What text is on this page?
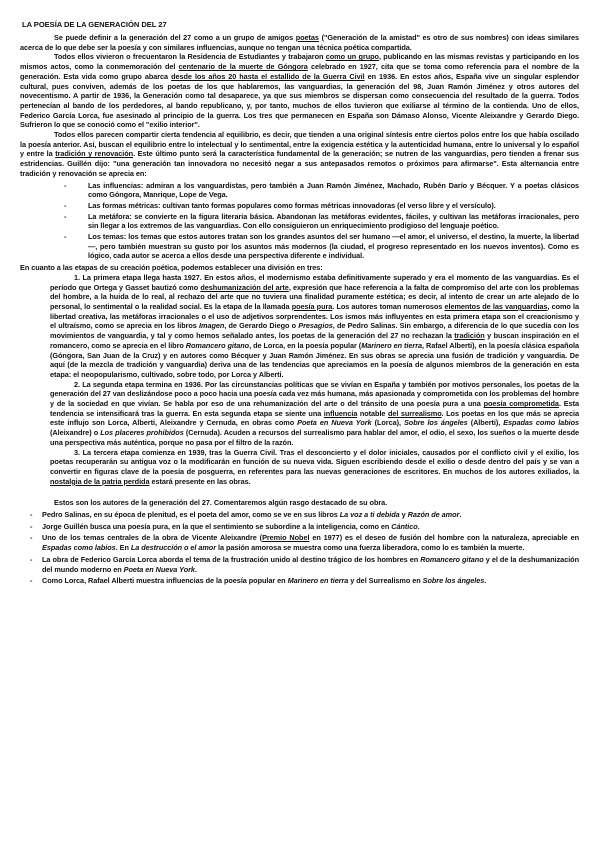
LA POESÍA DE LA GENERACIÓN DEL 27

Se puede definir a la generación del 27 como a un grupo de amigos poetas ("Generación de la amistad" es otro de sus nombres) con ideas similares acerca de lo que debe ser la poesía y con similares influencias, aunque no tengan una técnica poética compartida.

Todos ellos vivieron o frecuentaron la Residencia de Estudiantes y trabajaron como un grupo, publicando en las mismas revistas y participando en los mismos actos, como la conmemoración del centenario de la muerte de Góngora celebrado en 1927, cita que se toma como referencia para el nombre de la generación. Esta vida como grupo abarca desde los años 20 hasta el estallido de la Guerra Civil en 1936. En estos años, España vive un singular esplendor cultural, pues conviven, además de los poetas de los que hablaremos, las vanguardias, la generación del 98, Juan Ramón Jiménez y otros autores del novecentismo. A partir de 1936, la Generación como tal desaparece, ya que sus miembros se dispersan como consecuencia del resultado de la guerra. Todos pertenecían al bando de los perdedores, al bando republicano, y, por tanto, muchos de ellos tuvieron que exiliarse al término de la contienda. Uno de ellos, Federico García Lorca, fue asesinado al principio de la guerra. Los tres que permanecen en España son Dámaso Alonso, Vicente Aleixandre y Gerardo Diego. Sufrieron lo que se conoció como el "exilio interior".

Todos ellos parecen compartir cierta tendencia al equilibrio, es decir, que tienden a una original síntesis entre ciertos polos entre los que había oscilado la poesía anterior. Así, buscan el equilibrio entre lo intelectual y lo sentimental, entre la exigencia estética y la autenticidad humana, entre lo universal y lo español y entre la tradición y renovación. Este último punto será la característica fundamental de la generación; se nutren de las vanguardias, pero tienden a frenar sus estridencias. Guillén dijo: "una generación tan innovadora no necesitó negar a sus antepasados remotos o próximos para afirmarse". Esta alternancia entre tradición y renovación se aprecia en:

- Las influencias: admiran a los vanguardistas, pero también a Juan Ramón Jiménez, Machado, Rubén Darío y Bécquer. Y a poetas clásicos como Góngora, Manrique, Lope de Vega.
- Las formas métricas: cultivan tanto formas populares como formas métricas innovadoras (el verso libre y el versículo).
- La metáfora: se convierte en la figura literaria básica. Abandonan las metáforas evidentes, fáciles, y cultivan las metáforas irracionales, pero sin llegar a los extremos de las vanguardias. Con ello consiguieron un enriquecimiento prodigioso del lenguaje poético.
- Los temas: los temas que estos autores tratan son los grandes asuntos del ser humano —el amor, el universo, el destino, la muerte, la libertad—, pero también muestran su gusto por los asuntos más modernos (la ciudad, el progreso representado en los nuevos inventos). Como es lógico, cada autor se acerca a ellos desde una perspectiva diferente e individual.

En cuanto a las etapas de su creación poética, podemos establecer una división en tres:

1. La primera etapa llega hasta 1927. En estos años, el modernismo estaba definitivamente superado y era el momento de las vanguardias. Es el período que Ortega y Gasset bautizó como deshumanización del arte, expresión que hace referencia a la falta de compromiso del arte con los problemas del hombre, a la huida de lo real, al rechazo del arte que no tuviera una finalidad puramente estética; es decir, al intento de crear un arte alejado de lo personal, lo sentimental o la realidad social. Es la etapa de la llamada poesía pura. Los autores toman numerosos elementos de las vanguardias, como la libertad creativa, las metáforas irracionales o el uso de adjetivos sorprendentes. Los ismos más influyentes en esta primera etapa son el creacionismo y el ultraísmo, como se aprecia en los libros Imagen, de Gerardo Diego o Presagios, de Pedro Salinas. Sin embargo, a diferencia de lo que sucedía con los movimientos de vanguardia, y tal y como hemos señalado antes, los poetas de la generación del 27 no rechazan la tradición y buscan inspiración en el romancero, como se aprecia en el libro Romancero gitano, de Lorca, en la poesía popular (Marinero en tierra, Rafael Alberti), en la poesía clásica española (Góngora, San Juan de la Cruz) y en autores como Bécquer y Juan Ramón Jiménez. En sus obras se aprecia una fusión de tradición y vanguardia. De aquí (de la mezcla de tradición y vanguardia) deriva una de las tendencias que apreciamos en la poesía de algunos miembros de la generación en esta etapa: el neopopularismo, cultivado, sobre todo, por Lorca y Alberti.

2. La segunda etapa termina en 1936. Por las circunstancias políticas que se vivían en España y también por motivos personales, los poetas de la generación del 27 van deslizándose poco a poco hacia una poesía cada vez más humana, más apasionada y comprometida con los problemas del hombre y de la sociedad en que vivían. Se habla por eso de una rehumanización del arte o del tránsito de una poesía pura a una poesía comprometida. Esta tendencia se intensificará tras la guerra. En esta segunda etapa se siente una influencia notable del surrealismo. Los poetas en los que más se aprecia este influjo son Lorca, Alberti, Aleixandre y Cernuda, en obras como Poeta en Nueva York (Lorca), Sobre los ángeles (Alberti), Espadas como labios (Aleixandre) o Los placeres prohibidos (Cernuda). Acuden a recursos del surrealismo para hablar del amor, el odio, el sexo, los sueños o la muerte desde una perspectiva más auténtica, porque no pasa por el filtro de la razón.

3. La tercera etapa comienza en 1939, tras la Guerra Civil. Tras el desconcierto y el dolor iniciales, causados por el conflicto civil y el exilio, los poetas recuperarán su antigua voz o la modificarán en función de su nueva vida. Siguen escribiendo desde el exilio o desde dentro del país y se van a convertir en figuras clave de la poesía de posguerra, en referentes para las nuevas generaciones de escritores. En muchos de los autores exiliados, la nostalgia de la patria perdida estará presente en las obras.

Estos son los autores de la generación del 27. Comentaremos algún rasgo destacado de su obra.

- Pedro Salinas, en su época de plenitud, es el poeta del amor, como se ve en sus libros La voz a ti debida y Razón de amor.
- Jorge Guillén busca una poesía pura, en la que el sentimiento se subordine a la inteligencia, como en Cántico.
- Uno de los temas centrales de la obra de Vicente Aleixandre (Premio Nobel en 1977) es el deseo de fusión del hombre con la naturaleza, apreciable en Espadas como labios. En La destrucción o el amor la pasión amorosa se muestra como una fuerza liberadora, como lo es también la muerte.
- La obra de Federico García Lorca aborda el tema de la frustración unido al destino trágico de los hombres en Romancero gitano y el de la deshumanización del mundo moderno en Poeta en Nueva York.
- Como Lorca, Rafael Alberti muestra influencias de la poesía popular en Marinero en tierra y del Surrealismo en Sobre los ángeles.
